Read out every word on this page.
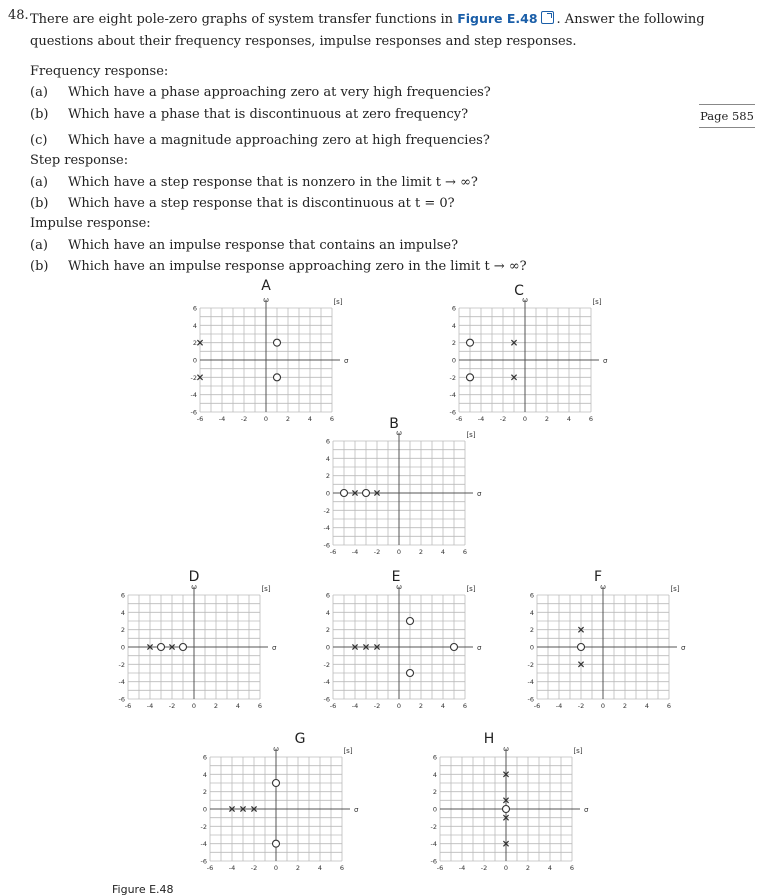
48. There are eight pole-zero graphs of system transfer functions in Figure E.48 . Answer the following questions about their frequency responses, impulse responses and step responses.
Frequency response:
(a) Which have a phase approaching zero at very high frequencies?
(b) Which have a phase that is discontinuous at zero frequency?
(c) Which have a magnitude approaching zero at high frequencies?
Step response:
(a) Which have a step response that is nonzero in the limit t → ∞?
(b) Which have a step response that is discontinuous at t = 0?
Impulse response:
(a) Which have an impulse response that contains an impulse?
(b) Which have an impulse response approaching zero in the limit t → ∞?
Page 585
A	C
B
D	E	F
G	H
ω
σ
[s]
-6
-6
-4
-4
-2
-2
0
0
2
2
4
4
6
6
ω
σ
[s]
-6
-6
-4
-4
-2
-2
0
0
2
2
4
4
6
6
ω
σ
[s]
-6
-6
-4
-4
-2
-2
0
0
2
2
4
4
6
6
ω
σ
[s]
-6
-6
-4
-4
-2
-2
0
0
2
2
4
4
6
6
ω
σ
[s]
-6
-6
-4
-4
-2
-2
0
0
2
2
4
4
6
6
ω
σ
[s]
-6
-6
-4
-4
-2
-2
0
0
2
2
4
4
6
6
ω
σ
[s]
-6
-6
-4
-4
-2
-2
0
0
2
2
4
4
6
6
ω
σ
[s]
-6
-6
-4
-4
-2
-2
0
0
2
2
4
4
6
6
Figure E.48
